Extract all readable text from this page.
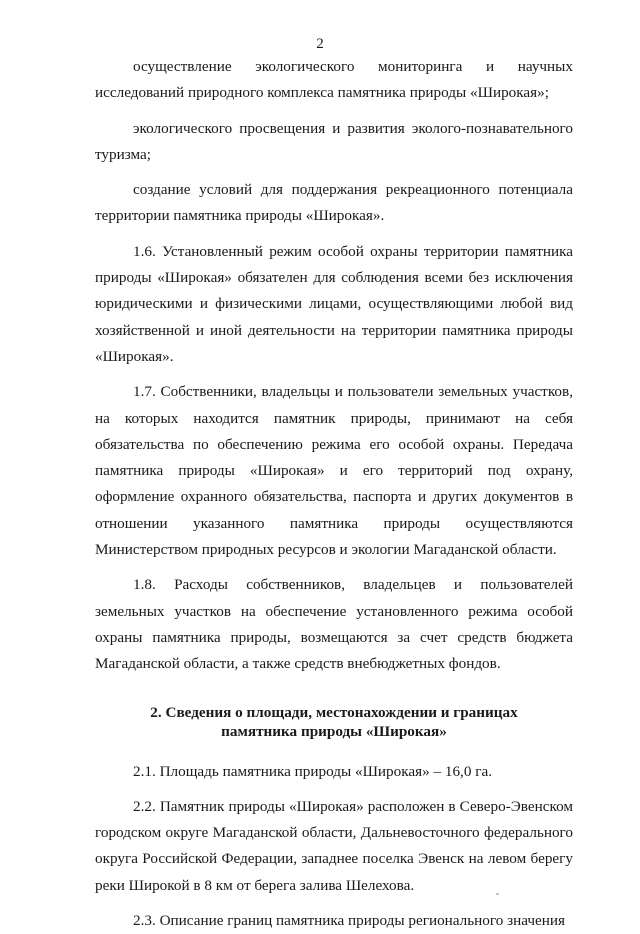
2

осуществление экологического мониторинга и научных исследований природного комплекса памятника природы «Широкая»;

экологического просвещения и развития эколого-познавательного туризма;

создание условий для поддержания рекреационного потенциала территории памятника природы «Широкая».

1.6. Установленный режим особой охраны территории памятника природы «Широкая» обязателен для соблюдения всеми без исключения юридическими и физическими лицами, осуществляющими любой вид хозяйственной и иной деятельности на территории памятника природы «Широкая».

1.7. Собственники, владельцы и пользователи земельных участков, на которых находится памятник природы, принимают на себя обязательства по обеспечению режима его особой охраны. Передача памятника природы «Широкая» и его территорий под охрану, оформление охранного обязательства, паспорта и других документов в отношении указанного памятника природы осуществляются Министерством природных ресурсов и экологии Магаданской области.

1.8. Расходы собственников, владельцев и пользователей земельных участков на обеспечение установленного режима особой охраны памятника природы, возмещаются за счет средств бюджета Магаданской области, а также средств внебюджетных фондов.

2. Сведения о площади, местонахождении и границах
памятника природы «Широкая»

2.1. Площадь памятника природы «Широкая» – 16,0 га.

2.2. Памятник природы «Широкая» расположен в Северо-Эвенском городском округе Магаданской области, Дальневосточного федерального округа Российской Федерации, западнее поселка Эвенск на левом берегу реки Широкой в 8 км от берега залива Шелехова.

2.3. Описание границ памятника природы регионального значения
